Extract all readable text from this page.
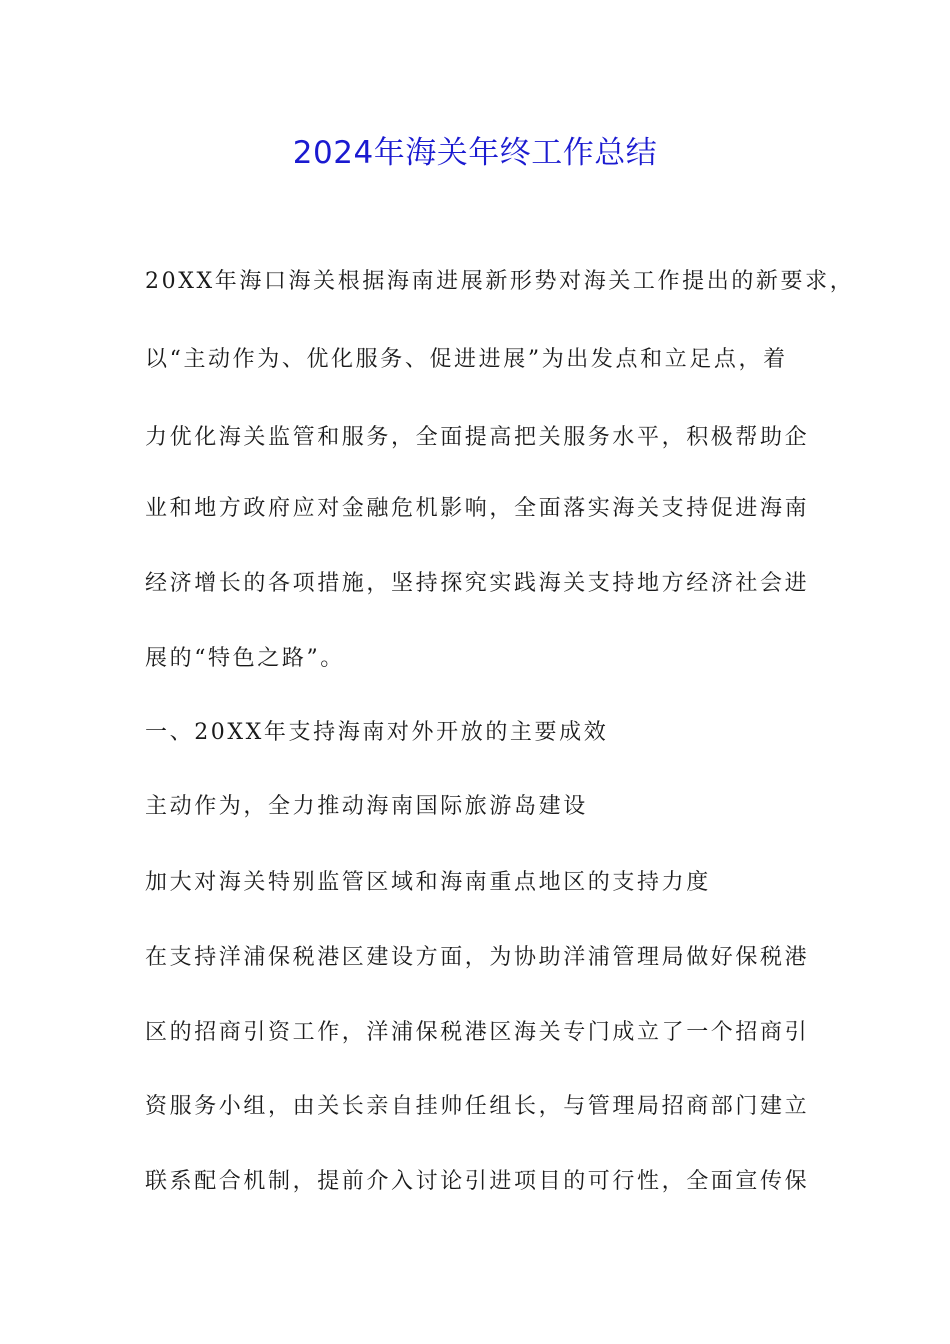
2024年海关年终工作总结
20XX年海口海关根据海南进展新形势对海关工作提出的新要求，
以“主动作为、优化服务、促进进展”为出发点和立足点，着
力优化海关监管和服务，全面提高把关服务水平，积极帮助企
业和地方政府应对金融危机影响，全面落实海关支持促进海南
经济增长的各项措施，坚持探究实践海关支持地方经济社会进
展的“特色之路”。
一、20XX年支持海南对外开放的主要成效
主动作为，全力推动海南国际旅游岛建设
加大对海关特别监管区域和海南重点地区的支持力度
在支持洋浦保税港区建设方面，为协助洋浦管理局做好保税港
区的招商引资工作，洋浦保税港区海关专门成立了一个招商引
资服务小组，由关长亲自挂帅任组长，与管理局招商部门建立
联系配合机制，提前介入讨论引进项目的可行性，全面宣传保
